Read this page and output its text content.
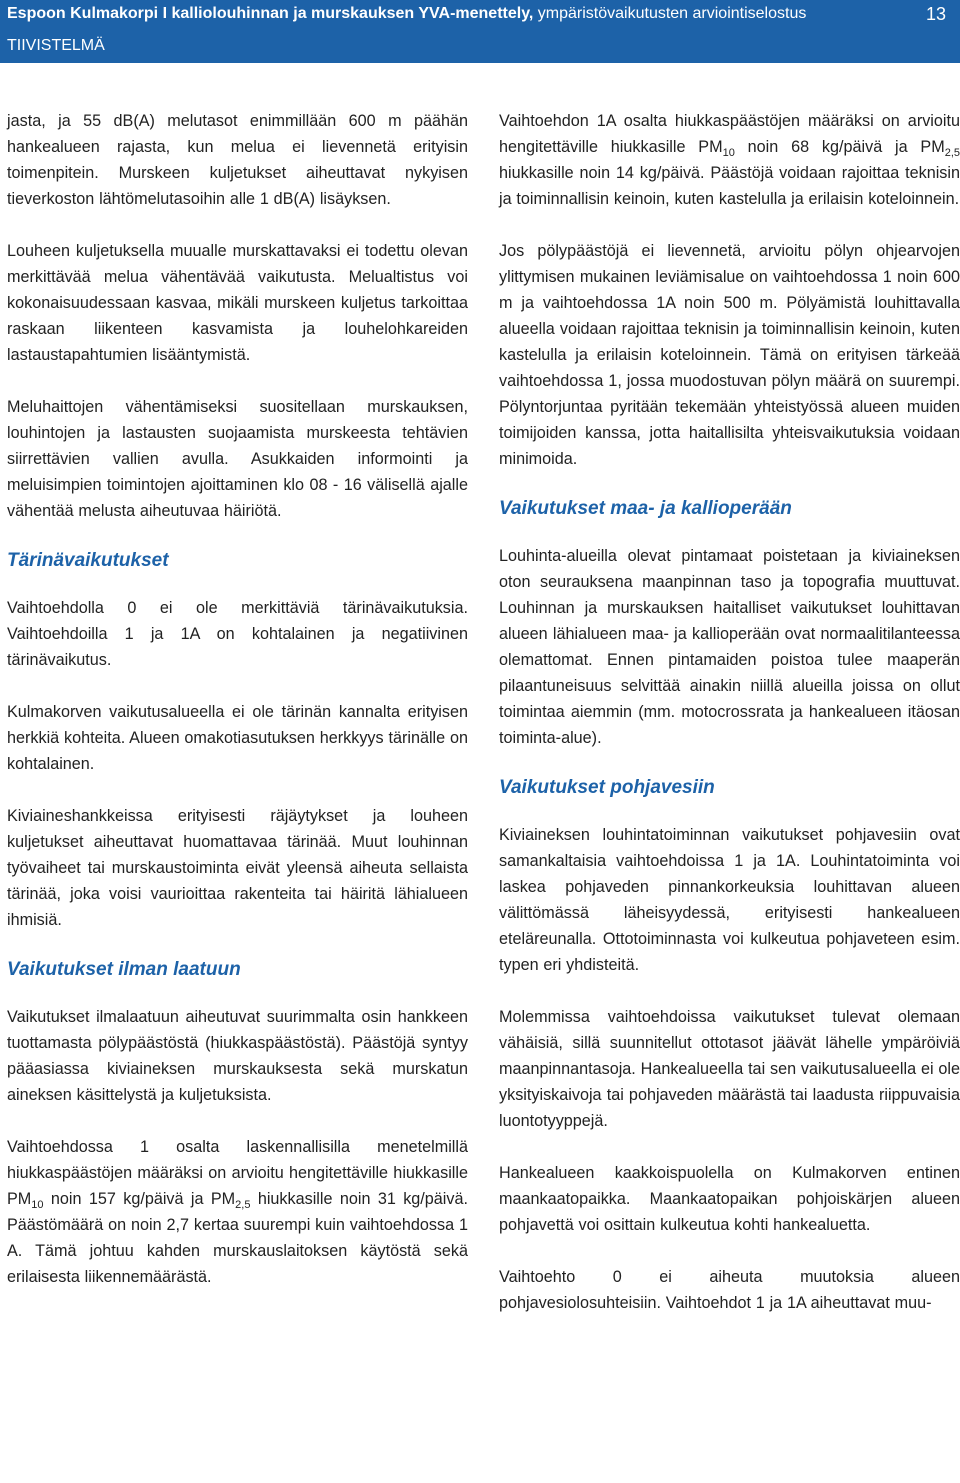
Espoon Kulmakorpi I kalliolouhinnan ja murskauksen YVA-menettely, ympäristövaikutusten arviointiselostus
TIIVISTELMÄ
13

jasta, ja 55 dB(A) melutasot enimmillään 600 m päähän hankealueen rajasta, kun melua ei lievennetä erityisin toimenpitein. Murskeen kuljetukset aiheuttavat nykyisen tieverkoston lähtömelutasoihin alle 1 dB(A) lisäyksen.

Louheen kuljetuksella muualle murskattavaksi ei todettu olevan merkittävää melua vähentävää vaikutusta. Melualtistus voi kokonaisuudessaan kasvaa, mikäli murskeen kuljetus tarkoittaa raskaan liikenteen kasvamista ja louhelohkareiden lastaustapahtumien lisääntymistä.

Meluhaittojen vähentämiseksi suositellaan murskauksen, louhintojen ja lastausten suojaamista murskeesta tehtävien siirrettävien vallien avulla. Asukkaiden informointi ja meluisimpien toimintojen ajoittaminen klo 08 - 16 välisellä ajalle vähentää melusta aiheutuvaa häiriötä.

Tärinävaikutukset

Vaihtoehdolla 0 ei ole merkittäviä tärinävaikutuksia. Vaihtoehdoilla 1 ja 1A on kohtalainen ja negatiivinen tärinävaikutus.

Kulmakorven vaikutusalueella ei ole tärinän kannalta erityisen herkkiä kohteita. Alueen omakotiasutuksen herkkyys tärinälle on kohtalainen.

Kiviaineshankkeissa erityisesti räjäytykset ja louheen kuljetukset aiheuttavat huomattavaa tärinää. Muut louhinnan työvaiheet tai murskaustoiminta eivät yleensä aiheuta sellaista tärinää, joka voisi vaurioittaa rakenteita tai häiritä lähialueen ihmisiä.

Vaikutukset ilman laatuun

Vaikutukset ilmalaatuun aiheutuvat suurimmalta osin hankkeen tuottamasta pölypäästöstä (hiukkaspäästöstä). Päästöjä syntyy pääasiassa kiviaineksen murskauksesta sekä murskatun aineksen käsittelystä ja kuljetuksista.

Vaihtoehdossa 1 osalta laskennallisilla menetelmillä hiukkaspäästöjen määräksi on arvioitu hengitettäville hiukkasille $PM_{10}$ noin 157 kg/päivä ja $PM_{2,5}$ hiukkasille noin 31 kg/päivä. Päästömäärä on noin 2,7 kertaa suurempi kuin vaihtoehdossa 1 A. Tämä johtuu kahden murskauslaitoksen käytöstä sekä erilaisesta liikennemäärästä.

Vaihtoehdon 1A osalta hiukkaspäästöjen määräksi on arvioitu hengitettäville hiukkasille $PM_{10}$ noin 68 kg/päivä ja $PM_{2,5}$ hiukkasille noin 14 kg/päivä. Päästöjä voidaan rajoittaa teknisin ja toiminnallisin keinoin, kuten kastelulla ja erilaisin koteloinnein.

Jos pölypäästöjä ei lievennetä, arvioitu pölyn ohjearvojen ylittymisen mukainen leviämisalue on vaihtoehdossa 1 noin 600 m ja vaihtoehdossa 1A noin 500 m. Pölyämistä louhittavalla alueella voidaan rajoittaa teknisin ja toiminnallisin keinoin, kuten kastelulla ja erilaisin koteloinnein. Tämä on erityisen tärkeää vaihtoehdossa 1, jossa muodostuvan pölyn määrä on suurempi. Pölyntorjuntaa pyritään tekemään yhteistyössä alueen muiden toimijoiden kanssa, jotta haitallisilta yhteisvaikutuksia voidaan minimoida.

Vaikutukset maa- ja kallioperään

Louhinta-alueilla olevat pintamaat poistetaan ja kiviaineksen oton seurauksena maanpinnan taso ja topografia muuttuvat. Louhinnan ja murskauksen haitalliset vaikutukset louhittavan alueen lähialueen maa- ja kallioperään ovat normaalitilanteessa olemattomat. Ennen pintamaiden poistoa tulee maaperän pilaantuneisuus selvittää ainakin niillä alueilla joissa on ollut toimintaa aiemmin (mm. motocrossrata ja hankealueen itäosan toiminta-alue).

Vaikutukset pohjavesiin

Kiviaineksen louhintatoiminnan vaikutukset pohjavesiin ovat samankaltaisia vaihtoehdoissa 1 ja 1A. Louhintatoiminta voi laskea pohjaveden pinnankorkeuksia louhittavan alueen välittömässä läheisyydessä, erityisesti hankealueen eteläreunalla. Ottotoiminnasta voi kulkeutua pohjaveteen esim. typen eri yhdisteitä.

Molemmissa vaihtoehdoissa vaikutukset tulevat olemaan vähäisiä, sillä suunnitellut ottotasot jäävät lähelle ympäröiviä maanpinnantasoja. Hankealueella tai sen vaikutusalueella ei ole yksityiskaivoja tai pohjaveden määrästä tai laadusta riippuvaisia luontotyyppejä.

Hankealueen kaakkoispuolella on Kulmakorven entinen maankaatopaikka. Maankaatopaikan pohjoiskärjen alueen pohjavettä voi osittain kulkeutua kohti hankealuetta.

Vaihtoehto 0 ei aiheuta muutoksia alueen pohjavesiolosuhteisiin. Vaihtoehdot 1 ja 1A aiheuttavat muu-
